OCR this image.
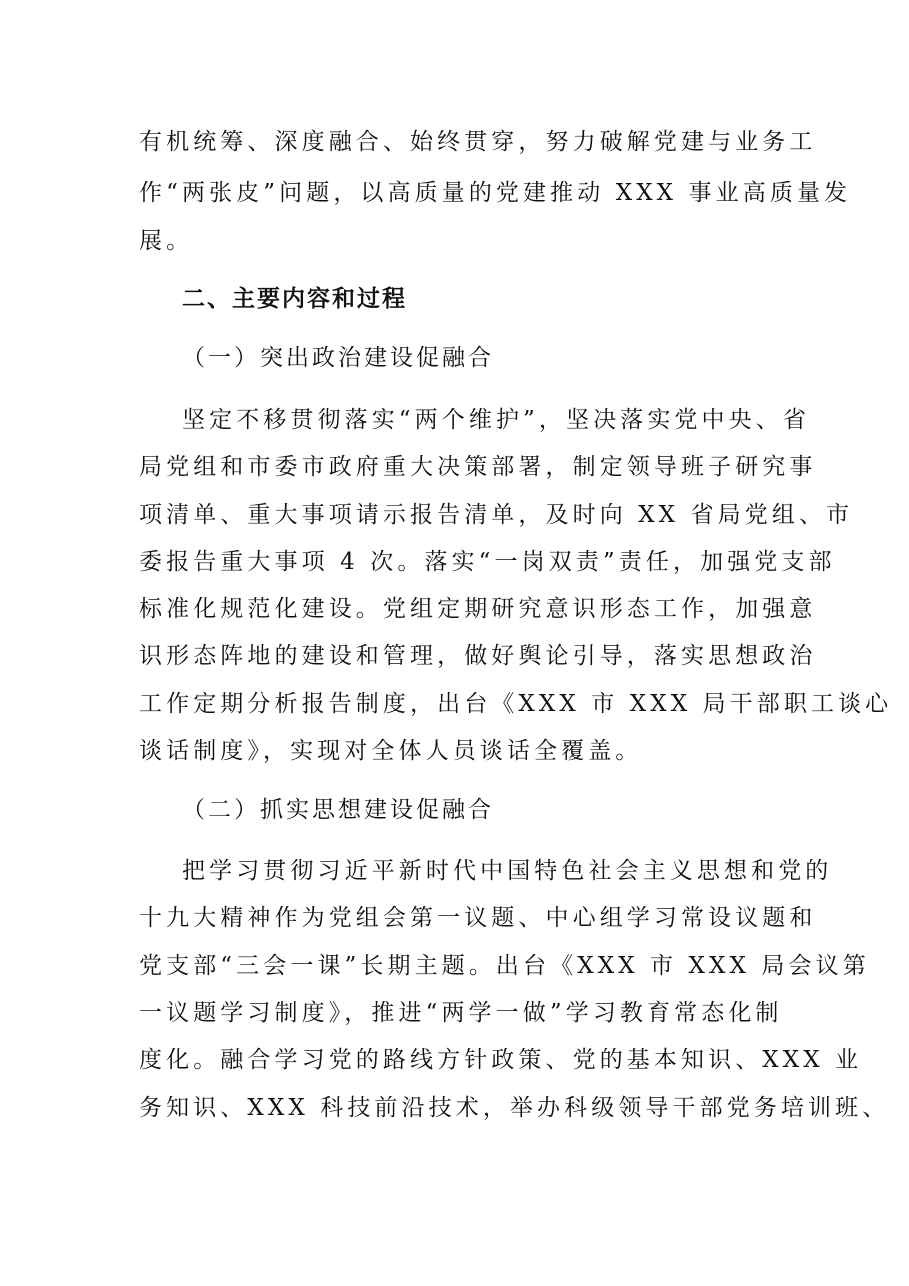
有机统筹、深度融合、始终贯穿，努力破解党建与业务工
作“两张皮”问题，以高质量的党建推动 XXX 事业高质量发
展。
二、主要内容和过程
（一）突出政治建设促融合
坚定不移贯彻落实“两个维护”，坚决落实党中央、省
局党组和市委市政府重大决策部署，制定领导班子研究事
项清单、重大事项请示报告清单，及时向 XX 省局党组、市
委报告重大事项 4 次。落实“一岗双责”责任，加强党支部
标准化规范化建设。党组定期研究意识形态工作，加强意
识形态阵地的建设和管理，做好舆论引导，落实思想政治
工作定期分析报告制度，出台《XXX 市 XXX 局干部职工谈心
谈话制度》，实现对全体人员谈话全覆盖。
（二）抓实思想建设促融合
把学习贯彻习近平新时代中国特色社会主义思想和党的
十九大精神作为党组会第一议题、中心组学习常设议题和
党支部“三会一课”长期主题。出台《XXX 市 XXX 局会议第
一议题学习制度》，推进“两学一做”学习教育常态化制
度化。融合学习党的路线方针政策、党的基本知识、XXX 业
务知识、XXX 科技前沿技术，举办科级领导干部党务培训班、
